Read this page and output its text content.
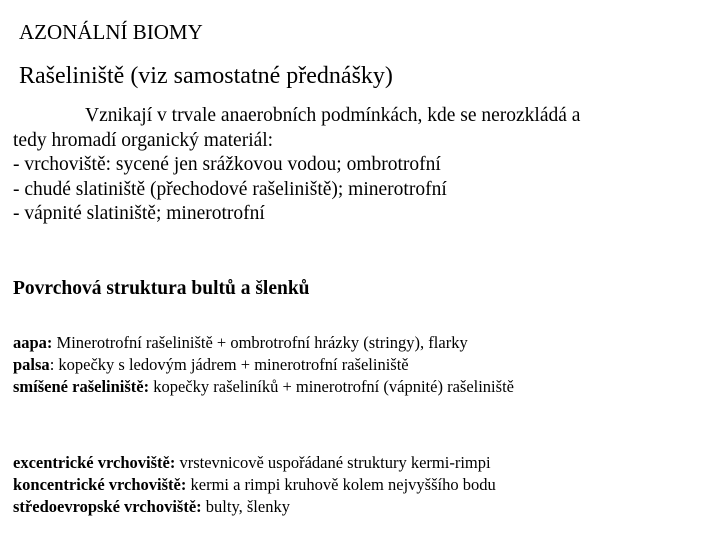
AZONÁLNÍ BIOMY
Rašeliniště (viz samostatné přednášky)
Vznikají v trvale anaerobních podmínkách, kde se nerozkládá a
tedy hromadí organický materiál:
- vrchoviště: sycené jen srážkovou vodou; ombrotrofní
- chudé slatiniště (přechodové rašeliniště); minerotrofní
- vápnité slatiniště; minerotrofní
Povrchová struktura bultů a šlenků
aapa: Minerotrofní rašeliniště + ombrotrofní hrázky (stringy), flarky
palsa: kopečky s ledovým jádrem + minerotrofní rašeliniště
smíšené rašeliniště: kopečky rašeliníků + minerotrofní (vápnité) rašeliniště
excentrické vrchoviště: vrstevnicově uspořádané struktury kermi-rimpi
koncentrické vrchoviště: kermi a rimpi kruhově kolem nejvyššího bodu
středoevropské vrchoviště: bulty, šlenky
